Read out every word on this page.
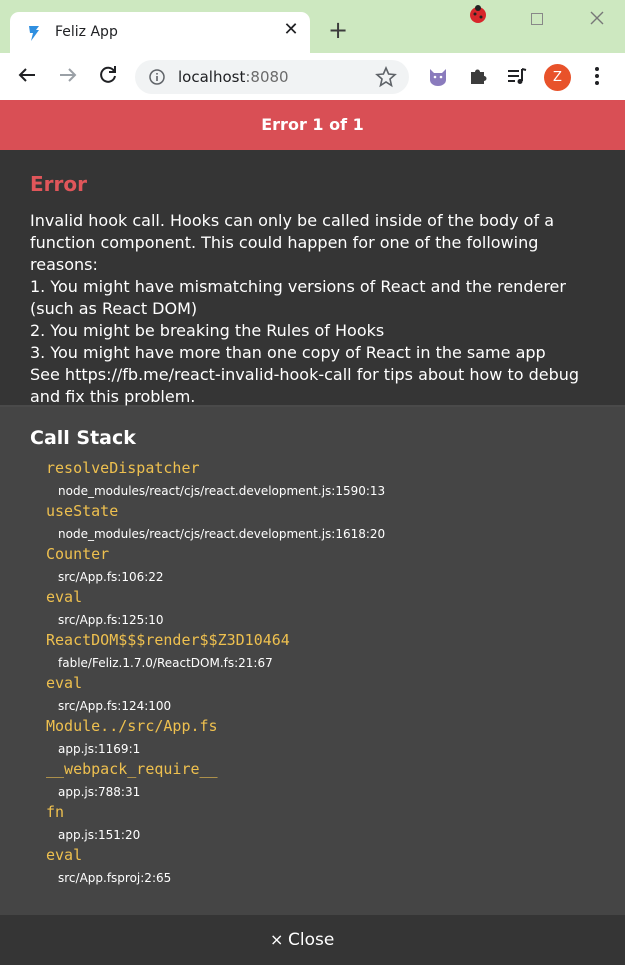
Feliz App	✕ +
localhost:8080	Z
Error 1 of 1
Error

Invalid hook call. Hooks can only be called inside of the body of a function component. This could happen for one of the following reasons:
1. You might have mismatching versions of React and the renderer (such as React DOM)
2. You might be breaking the Rules of Hooks
3. You might have more than one copy of React in the same app
See https://fb.me/react-invalid-hook-call for tips about how to debug and fix this problem.

Call Stack
resolveDispatcher
node_modules/react/cjs/react.development.js:1590:13
useState
node_modules/react/cjs/react.development.js:1618:20
Counter
src/App.fs:106:22
eval
src/App.fs:125:10
ReactDOM$$$render$$Z3D10464
fable/Feliz.1.7.0/ReactDOM.fs:21:67
eval
src/App.fs:124:100
Module../src/App.fs
app.js:1169:1
__webpack_require__
app.js:788:31
fn
app.js:151:20
eval
src/App.fsproj:2:65
× Close
